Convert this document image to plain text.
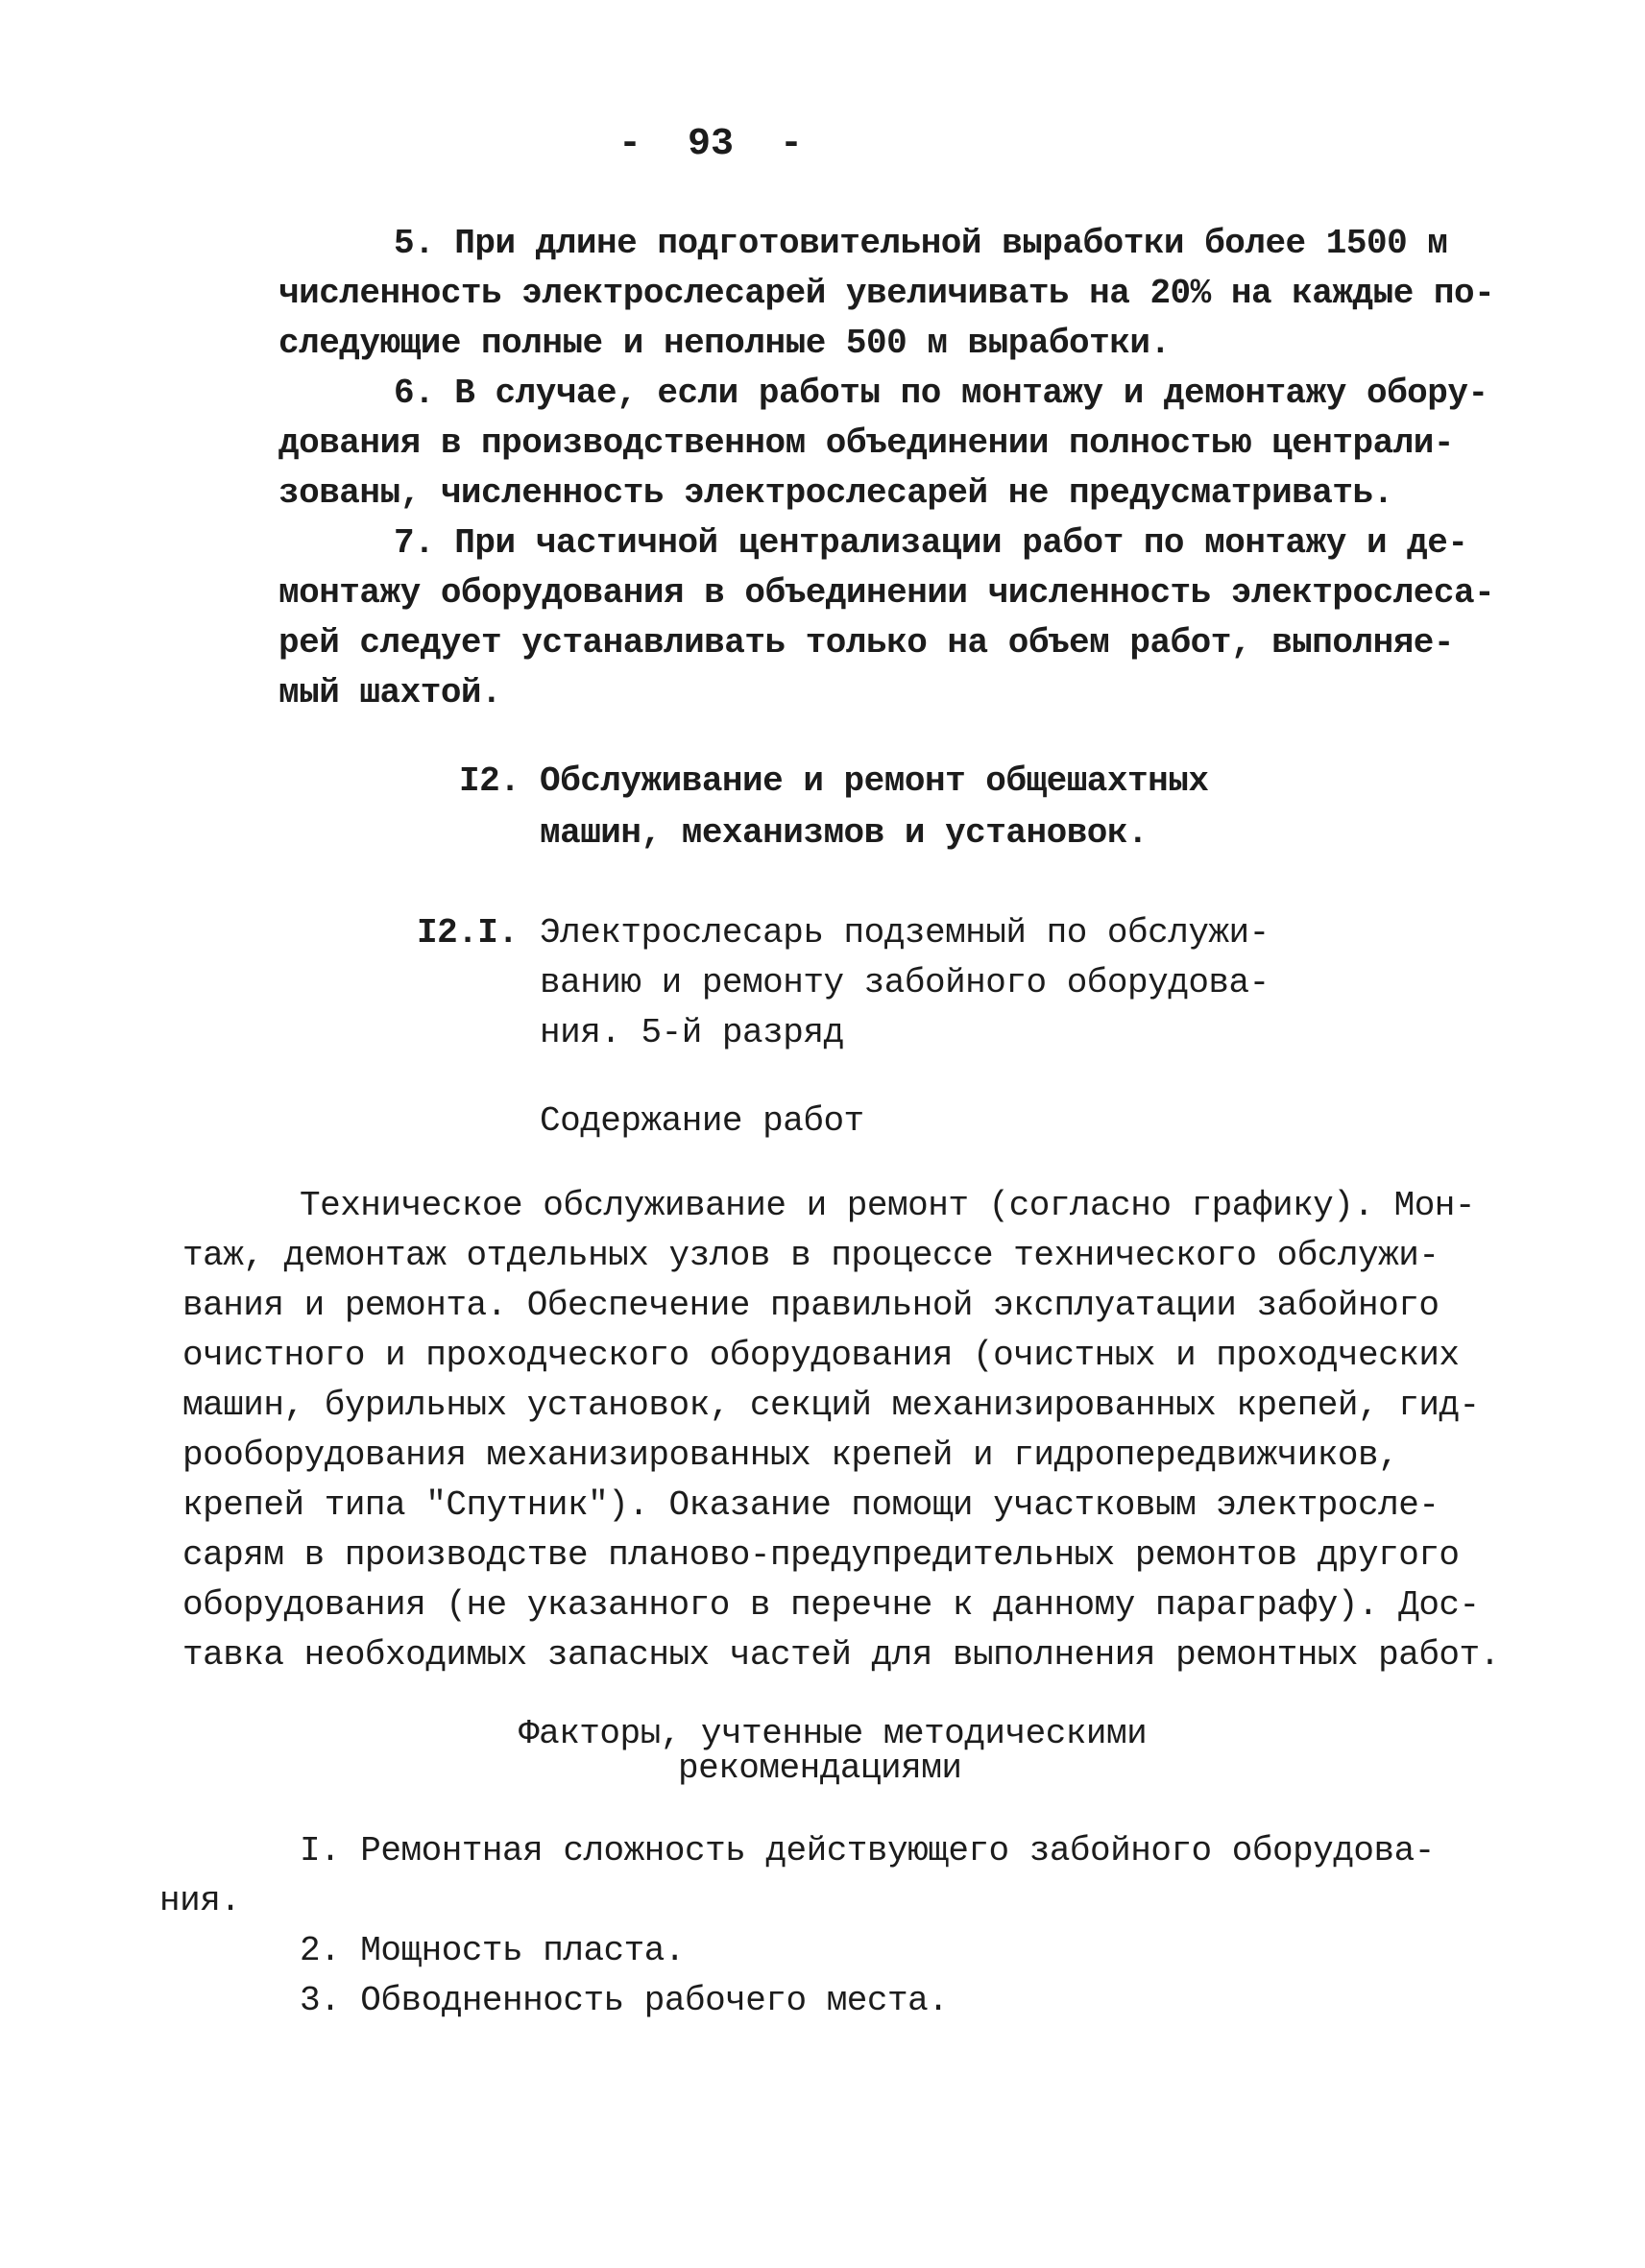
-  93  -
5. При длине подготовительной выработки более 1500 м
численность электрослесарей увеличивать на 20% на каждые по-
следующие полные и неполные 500 м выработки.
6. В случае, если работы по монтажу и демонтажу обору-
дования в производственном объединении полностью централи-
зованы, численность электрослесарей не предусматривать.
7. При частичной централизации работ по монтажу и де-
монтажу оборудования в объединении численность электрослеса-
рей следует устанавливать только на объем работ, выполняе-
мый шахтой.
I2. Обслуживание и ремонт общешахтных
машин, механизмов и установок.
I2.I. Электрослесарь подземный по обслужи-
ванию и ремонту забойного оборудова-
ния. 5-й разряд
Содержание работ
Техническое обслуживание и ремонт (согласно графику). Мон-
таж, демонтаж отдельных узлов в процессе технического обслужи-
вания и ремонта. Обеспечение правильной эксплуатации забойного
очистного и проходческого оборудования (очистных и проходческих
машин, бурильных установок, секций механизированных крепей, гид-
рооборудования механизированных крепей и гидропередвижчиков,
крепей типа "Спутник"). Оказание помощи участковым электросле-
сарям в производстве планово-предупредительных ремонтов другого
оборудования (не указанного в перечне к данному параграфу). Дос-
тавка необходимых запасных частей для выполнения ремонтных работ.
Факторы, учтенные методическими
рекомендациями
I. Ремонтная сложность действующего забойного оборудова-
ния.
2. Мощность пласта.
3. Обводненность рабочего места.
